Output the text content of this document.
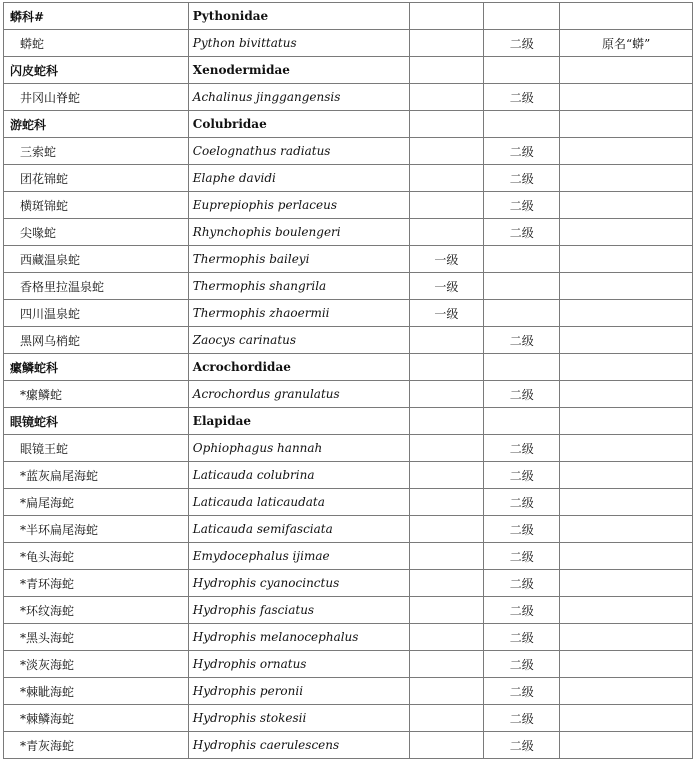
蟒科#	Pythonidae			
蟒蛇	Python bivittatus		二级	原名“蟒”
闪皮蛇科	Xenodermidae			
井冈山脊蛇	Achalinus jinggangensis		二级	
游蛇科	Colubridae			
三索蛇	Coelognathus radiatus		二级	
团花锦蛇	Elaphe davidi		二级	
横斑锦蛇	Euprepiophis perlaceus		二级	
尖喙蛇	Rhynchophis boulengeri		二级	
西藏温泉蛇	Thermophis baileyi	一级		
香格里拉温泉蛇	Thermophis shangrila	一级		
四川温泉蛇	Thermophis zhaoermii	一级		
黑网乌梢蛇	Zaocys carinatus		二级	
瘰鳞蛇科	Acrochordidae			
*瘰鳞蛇	Acrochordus granulatus		二级	
眼镜蛇科	Elapidae			
眼镜王蛇	Ophiophagus hannah		二级	
*蓝灰扁尾海蛇	Laticauda colubrina		二级	
*扁尾海蛇	Laticauda laticaudata		二级	
*半环扁尾海蛇	Laticauda semifasciata		二级	
*龟头海蛇	Emydocephalus ijimae		二级	
*青环海蛇	Hydrophis cyanocinctus		二级	
*环纹海蛇	Hydrophis fasciatus		二级	
*黑头海蛇	Hydrophis melanocephalus		二级	
*淡灰海蛇	Hydrophis ornatus		二级	
*棘眦海蛇	Hydrophis peronii		二级	
*棘鳞海蛇	Hydrophis stokesii		二级	
*青灰海蛇	Hydrophis caerulescens		二级	
